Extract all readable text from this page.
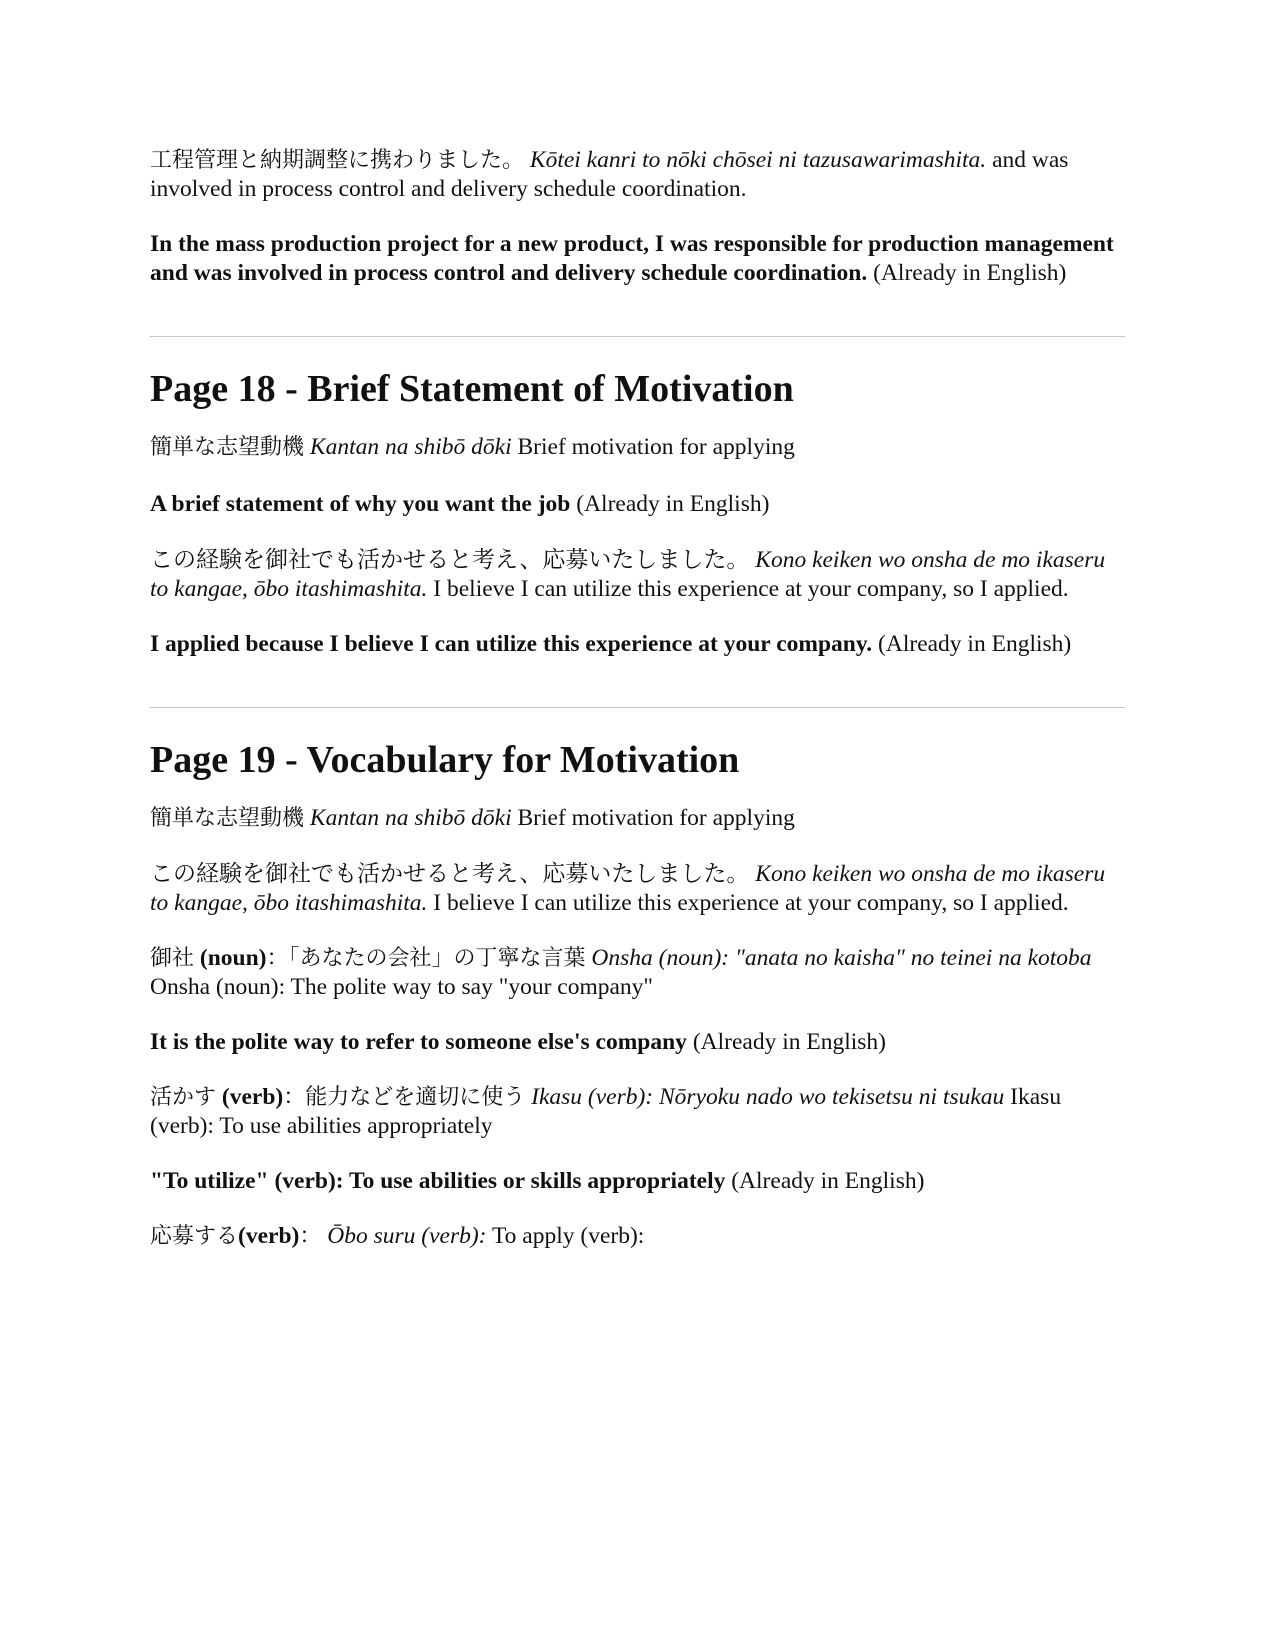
工程管理と納期調整に携わりました。 Kōtei kanri to nōki chōsei ni tazusawarimashita. and was involved in process control and delivery schedule coordination.

In the mass production project for a new product, I was responsible for production management and was involved in process control and delivery schedule coordination. (Already in English)

Page 18 - Brief Statement of Motivation

簡単な志望動機 Kantan na shibō dōki Brief motivation for applying

A brief statement of why you want the job (Already in English)

この経験を御社でも活かせると考え、応募いたしました。 Kono keiken wo onsha de mo ikaseru to kangae, ōbo itashimashita. I believe I can utilize this experience at your company, so I applied.

I applied because I believe I can utilize this experience at your company. (Already in English)

Page 19 - Vocabulary for Motivation

簡単な志望動機 Kantan na shibō dōki Brief motivation for applying

この経験を御社でも活かせると考え、応募いたしました。 Kono keiken wo onsha de mo ikaseru to kangae, ōbo itashimashita. I believe I can utilize this experience at your company, so I applied.

御社 (noun)：「あなたの会社」の丁寧な言葉 Onsha (noun): "anata no kaisha" no teinei na kotoba Onsha (noun): The polite way to say "your company"

It is the polite way to refer to someone else's company (Already in English)

活かす (verb)：能力などを適切に使う Ikasu (verb): Nōryoku nado wo tekisetsu ni tsukau Ikasu (verb): To use abilities appropriately

"To utilize" (verb): To use abilities or skills appropriately (Already in English)

応募する(verb)： Ōbo suru (verb): To apply (verb):
